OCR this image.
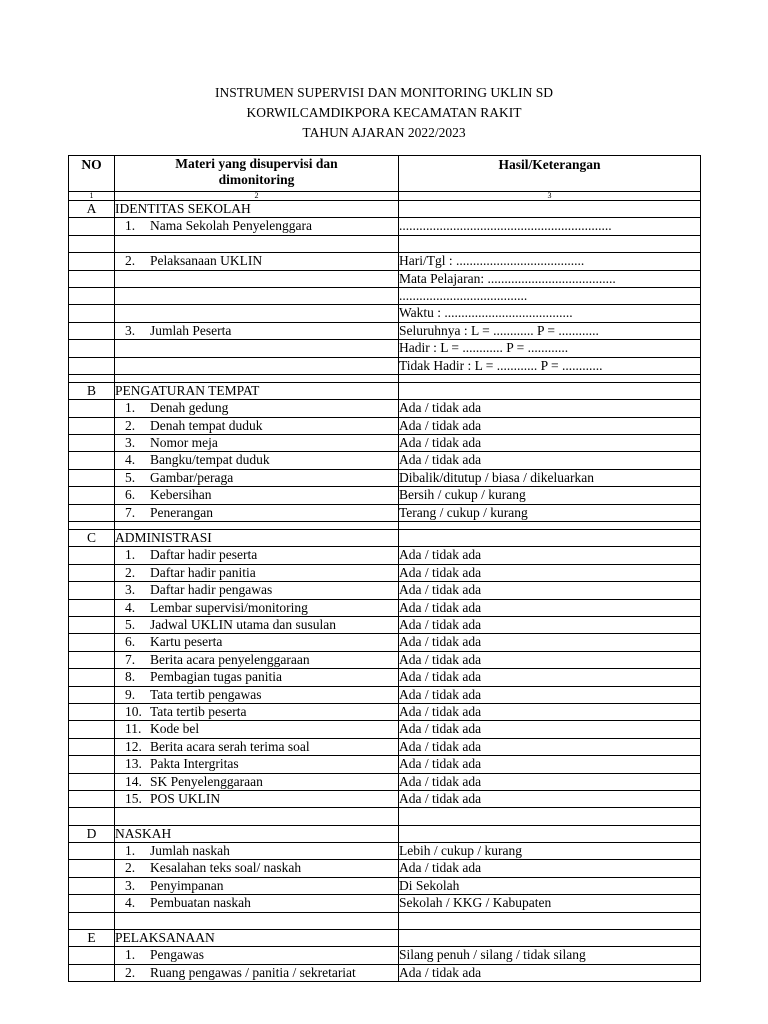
INSTRUMEN SUPERVISI DAN MONITORING UKLIN SD
KORWILCAMDIKPORA KECAMATAN RAKIT
TAHUN AJARAN 2022/2023
NO	Materi yang disupervisi dan dimonitoring	Hasil/Keterangan
1	2	3
A	IDENTITAS SEKOLAH	
	1. Nama Sekolah Penyelenggara	...............................................................

	2. Pelaksanaan UKLIN	Hari/Tgl : ......................................
		Mata Pelajaran: ......................................
		......................................
		Waktu : ......................................
	3. Jumlah Peserta	Seluruhnya : L = ............ P = ............
		Hadir : L = ............ P = ............
		Tidak Hadir : L = ............ P = ............

B	PENGATURAN TEMPAT	
	1. Denah gedung	Ada / tidak ada
	2. Denah tempat duduk	Ada / tidak ada
	3. Nomor meja	Ada / tidak ada
	4. Bangku/tempat duduk	Ada / tidak ada
	5. Gambar/peraga	Dibalik/ditutup / biasa / dikeluarkan
	6. Kebersihan	Bersih / cukup / kurang
	7. Penerangan	Terang / cukup / kurang

C	ADMINISTRASI	
	1. Daftar hadir peserta	Ada / tidak ada
	2. Daftar hadir panitia	Ada / tidak ada
	3. Daftar hadir pengawas	Ada / tidak ada
	4. Lembar supervisi/monitoring	Ada / tidak ada
	5. Jadwal UKLIN utama dan susulan	Ada / tidak ada
	6. Kartu peserta	Ada / tidak ada
	7. Berita acara penyelenggaraan	Ada / tidak ada
	8. Pembagian tugas panitia	Ada / tidak ada
	9. Tata tertib pengawas	Ada / tidak ada
	10. Tata tertib peserta	Ada / tidak ada
	11. Kode bel	Ada / tidak ada
	12. Berita acara serah terima soal	Ada / tidak ada
	13. Pakta Intergritas	Ada / tidak ada
	14. SK Penyelenggaraan	Ada / tidak ada
	15. POS UKLIN	Ada / tidak ada

D	NASKAH	
	1. Jumlah naskah	Lebih / cukup / kurang
	2. Kesalahan teks soal/ naskah	Ada / tidak ada
	3. Penyimpanan	Di Sekolah
	4. Pembuatan naskah	Sekolah / KKG / Kabupaten

E	PELAKSANAAN	
	1. Pengawas	Silang penuh / silang / tidak silang
	2. Ruang pengawas / panitia / sekretariat	Ada / tidak ada
